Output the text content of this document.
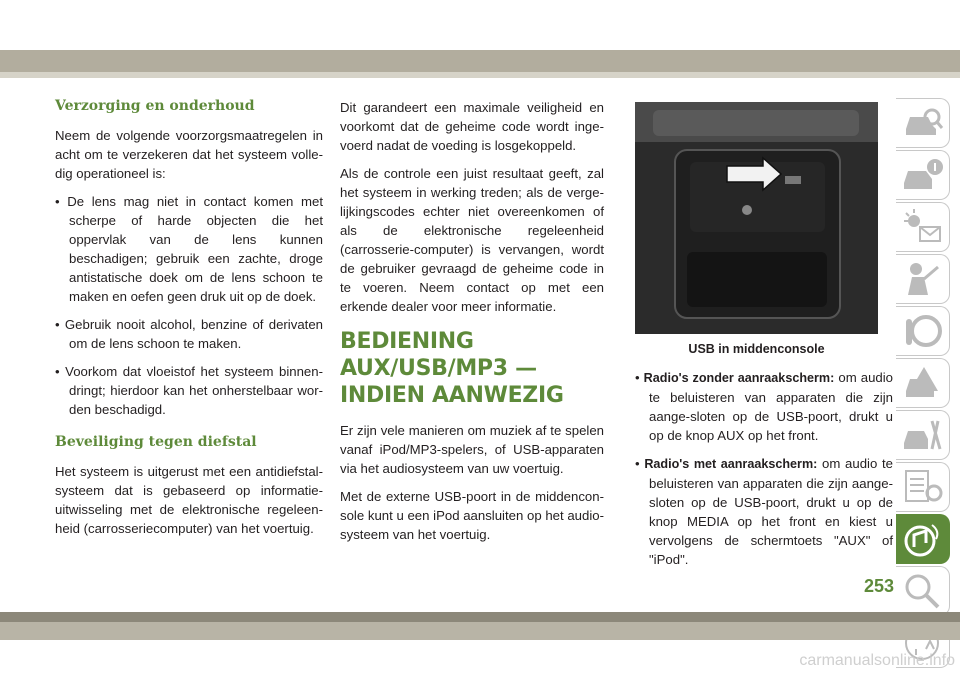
Verzorging en onderhoud

Neem de volgende voorzorgsmaatregelen in acht om te verzekeren dat het systeem volle-dig operationeel is:

• De lens mag niet in contact komen met scherpe of harde objecten die het oppervlak van de lens kunnen beschadigen; gebruik een zachte, droge antistatische doek om de lens schoon te maken en oefen geen druk uit op de doek.
• Gebruik nooit alcohol, benzine of derivaten om de lens schoon te maken.
• Voorkom dat vloeistof het systeem binnen-dringt; hierdoor kan het onherstelbaar wor-den beschadigd.
Beveiliging tegen diefstal

Het systeem is uitgerust met een antidiefstal-systeem dat is gebaseerd op informatie-uitwisseling met de elektronische regeleen-heid (carrosseriecomputer) van het voertuig.

Dit garandeert een maximale veiligheid en voorkomt dat de geheime code wordt inge-voerd nadat de voeding is losgekoppeld.

Als de controle een juist resultaat geeft, zal het systeem in werking treden; als de verge-lijkingscodes echter niet overeenkomen of als de elektronische regeleenheid (carrosserie-computer) is vervangen, wordt de gebruiker gevraagd de geheime code in te voeren. Neem contact op met een erkende dealer voor meer informatie.

BEDIENING AUX/USB/MP3 — INDIEN AANWEZIG

Er zijn vele manieren om muziek af te spelen vanaf iPod/MP3-spelers, of USB-apparaten via het audiosysteem van uw voertuig.

Met de externe USB-poort in de middencon-sole kunt u een iPod aansluiten op het audio-systeem van het voertuig.

USB in middenconsole
• Radio's zonder aanraakscherm: om audio te beluisteren van apparaten die zijn aange-sloten op de USB-poort, drukt u op de knop AUX op het front.
• Radio's met aanraakscherm: om audio te beluisteren van apparaten die zijn aange-sloten op de USB-poort, drukt u op de knop MEDIA op het front en kiest u vervolgens de schermtoets "AUX" of "iPod".
253
carmanualsonline.info
